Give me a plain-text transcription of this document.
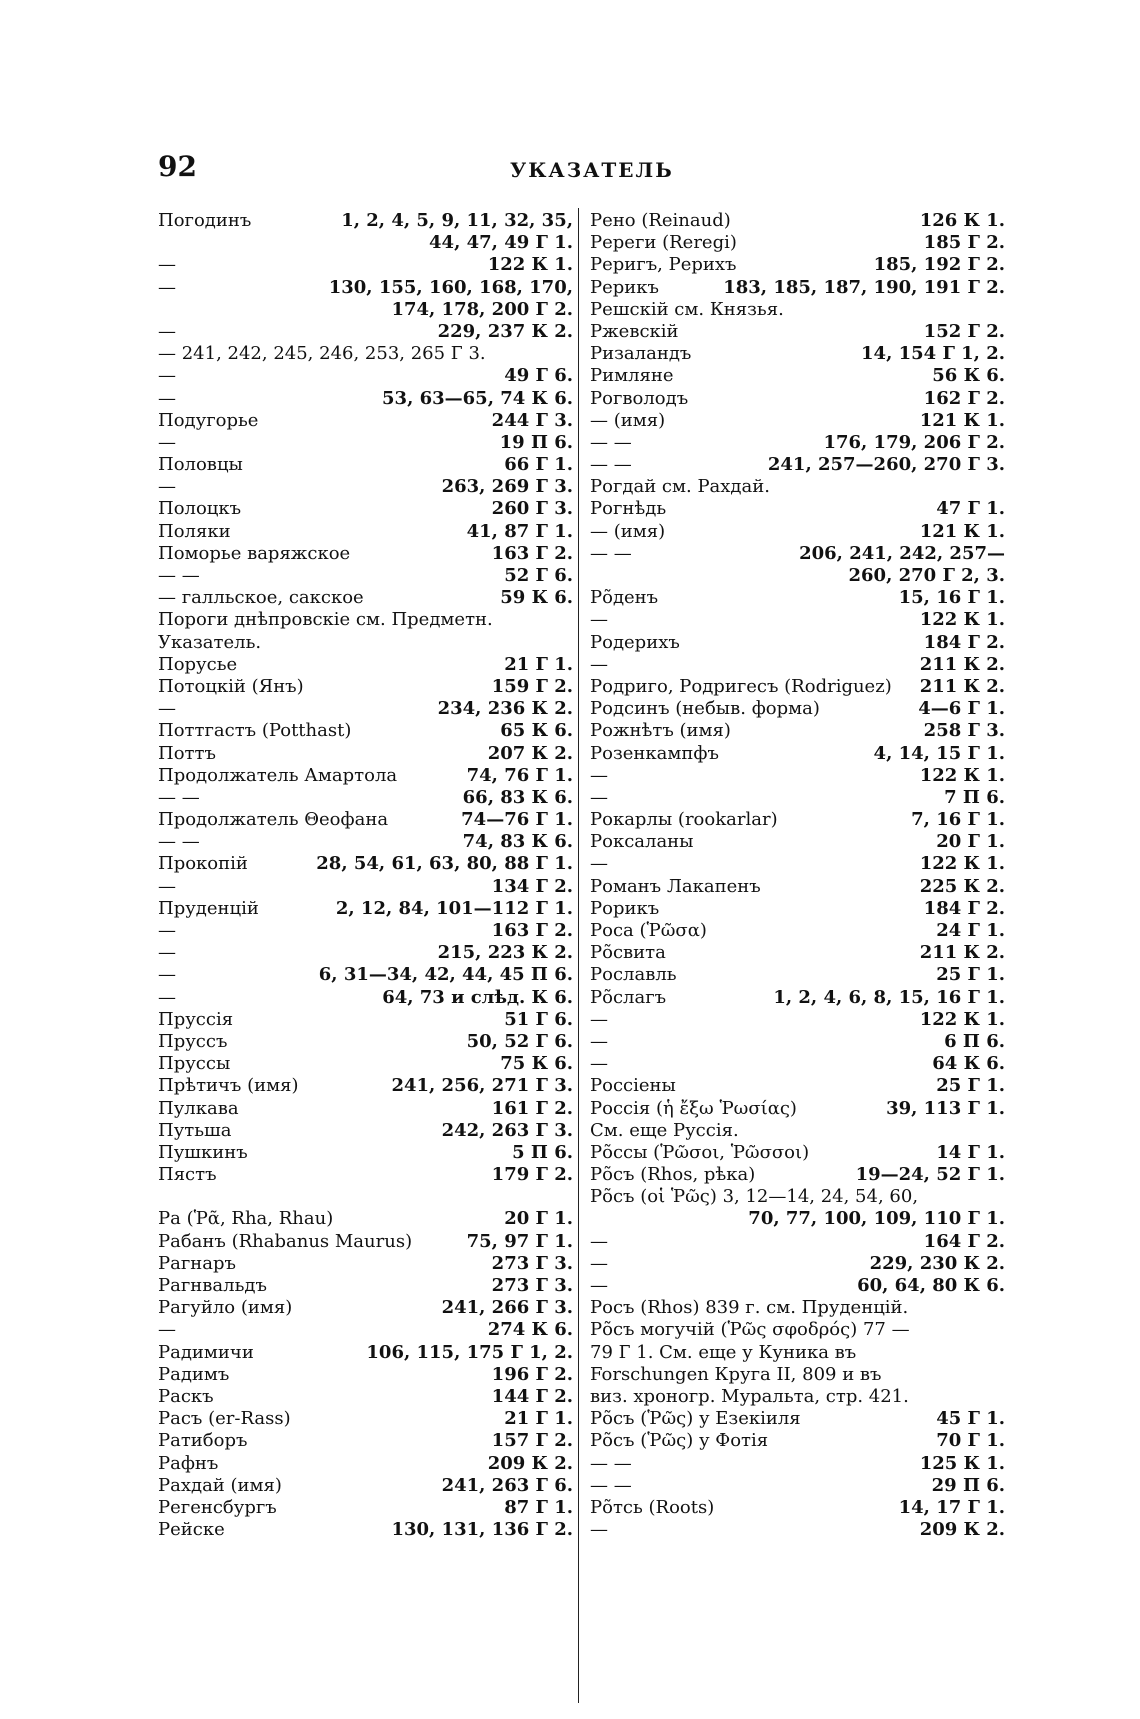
92	УКАЗАТЕЛЬ
Погодинъ	1, 2, 4, 5, 9, 11, 32, 35,
44, 47, 49 Г 1.
—	122 К 1.
—	130, 155, 160, 168, 170,
174, 178, 200 Г 2.
—	229, 237 К 2.
— 241, 242, 245, 246, 253, 265 Г 3.
—	49 Г 6.
—	53, 63—65, 74 К 6.
Подугорье	244 Г 3.
—	19 П 6.
Половцы	66 Г 1.
—	263, 269 Г 3.
Полоцкъ	260 Г 3.
Поляки	41, 87 Г 1.
Поморье варяжское	163 Г 2.
— —	52 Г 6.
— галльское, сакское	59 К 6.
Пороги днѣпровскіе см. Предметн.
Указатель.
Порусье	21 Г 1.
Потоцкій (Янъ)	159 Г 2.
—	234, 236 К 2.
Поттгастъ (Potthast)	65 К 6.
Поттъ	207 К 2.
Продолжатель Амартола	74, 76 Г 1.
— —	66, 83 К 6.
Продолжатель Θеофана	74—76 Г 1.
— —	74, 83 К 6.
Прокопій	28, 54, 61, 63, 80, 88 Г 1.
—	134 Г 2.
Пруденцій	2, 12, 84, 101—112 Г 1.
—	163 Г 2.
—	215, 223 К 2.
—	6, 31—34, 42, 44, 45 П 6.
—	64, 73 и слѣд. К 6.
Пруссія	51 Г 6.
Пруссъ	50, 52 Г 6.
Пруссы	75 К 6.
Прѣтичъ (имя)	241, 256, 271 Г 3.
Пулкава	161 Г 2.
Путьша	242, 263 Г 3.
Пушкинъ	5 П 6.
Пястъ	179 Г 2.
Ра (Ῥᾶ, Rha, Rhau)	20 Г 1.
Рабанъ (Rhabanus Maurus)	75, 97 Г 1.
Рагнаръ	273 Г 3.
Рагнвальдъ	273 Г 3.
Рагуйло (имя)	241, 266 Г 3.
—	274 К 6.
Радимичи	106, 115, 175 Г 1, 2.
Радимъ	196 Г 2.
Раскъ	144 Г 2.
Расъ (er-Rass)	21 Г 1.
Ратиборъ	157 Г 2.
Рафнъ	209 К 2.
Рахдай (имя)	241, 263 Г 6.
Регенсбургъ	87 Г 1.
Рейске	130, 131, 136 Г 2.
Рено (Reinaud)	126 К 1.
Ререги (Reregi)	185 Г 2.
Реригъ, Рерихъ	185, 192 Г 2.
Рерикъ	183, 185, 187, 190, 191 Г 2.
Решскій см. Князья.
Ржевскій	152 Г 2.
Ризаландъ	14, 154 Г 1, 2.
Римляне	56 К 6.
Рогволодъ	162 Г 2.
— (имя)	121 К 1.
— —	176, 179, 206 Г 2.
— —	241, 257—260, 270 Г 3.
Рогдай см. Рахдай.
Рогнѣдь	47 Г 1.
— (имя)	121 К 1.
— —	206, 241, 242, 257—
260, 270 Г 2, 3.
Рõденъ	15, 16 Г 1.
—	122 К 1.
Родерихъ	184 Г 2.
—	211 К 2.
Родриго, Родригесъ (Rodriguez) 211 К 2.
Родсинъ (небыв. форма)	4—6 Г 1.
Рожнѣтъ (имя)	258 Г 3.
Розенкампфъ	4, 14, 15 Г 1.
—	122 К 1.
—	7 П 6.
Рокарлы (rookarlar)	7, 16 Г 1.
Роксаланы	20 Г 1.
—	122 К 1.
Романъ Лакапенъ	225 К 2.
Рорикъ	184 Г 2.
Роса (Ῥῶσα)	24 Г 1.
Рõсвита	211 К 2.
Рославль	25 Г 1.
Рõслагъ	1, 2, 4, 6, 8, 15, 16 Г 1.
—	122 К 1.
—	6 П 6.
—	64 К 6.
Россіены	25 Г 1.
Россія (ἡ ἔξω Ῥωσίας)	39, 113 Г 1.
См. еще Руссія.
Рõссы (Ῥῶσοι, Ῥῶσσοι)	14 Г 1.
Рõсъ (Rhos, рѣка)	19—24, 52 Г 1.
Рõсъ (οἱ Ῥῶς) 3, 12—14, 24, 54, 60,
70, 77, 100, 109, 110 Г 1.
—	164 Г 2.
—	229, 230 К 2.
—	60, 64, 80 К 6.
Росъ (Rhos) 839 г. см. Пруденцій.
Рõсъ могучій (Ῥῶς σφοδρός) 77 —
79 Г 1. См. еще у Куника въ
Forschungen Круга II, 809 и въ
виз. хроногр. Муральта, стр. 421.
Рõсъ (Ῥῶς) у Езекіиля	45 Г 1.
Рõсъ (Ῥῶς) у Фотія	70 Г 1.
— —	125 К 1.
— —	29 П 6.
Рõтсь (Roots)	14, 17 Г 1.
—	209 К 2.
